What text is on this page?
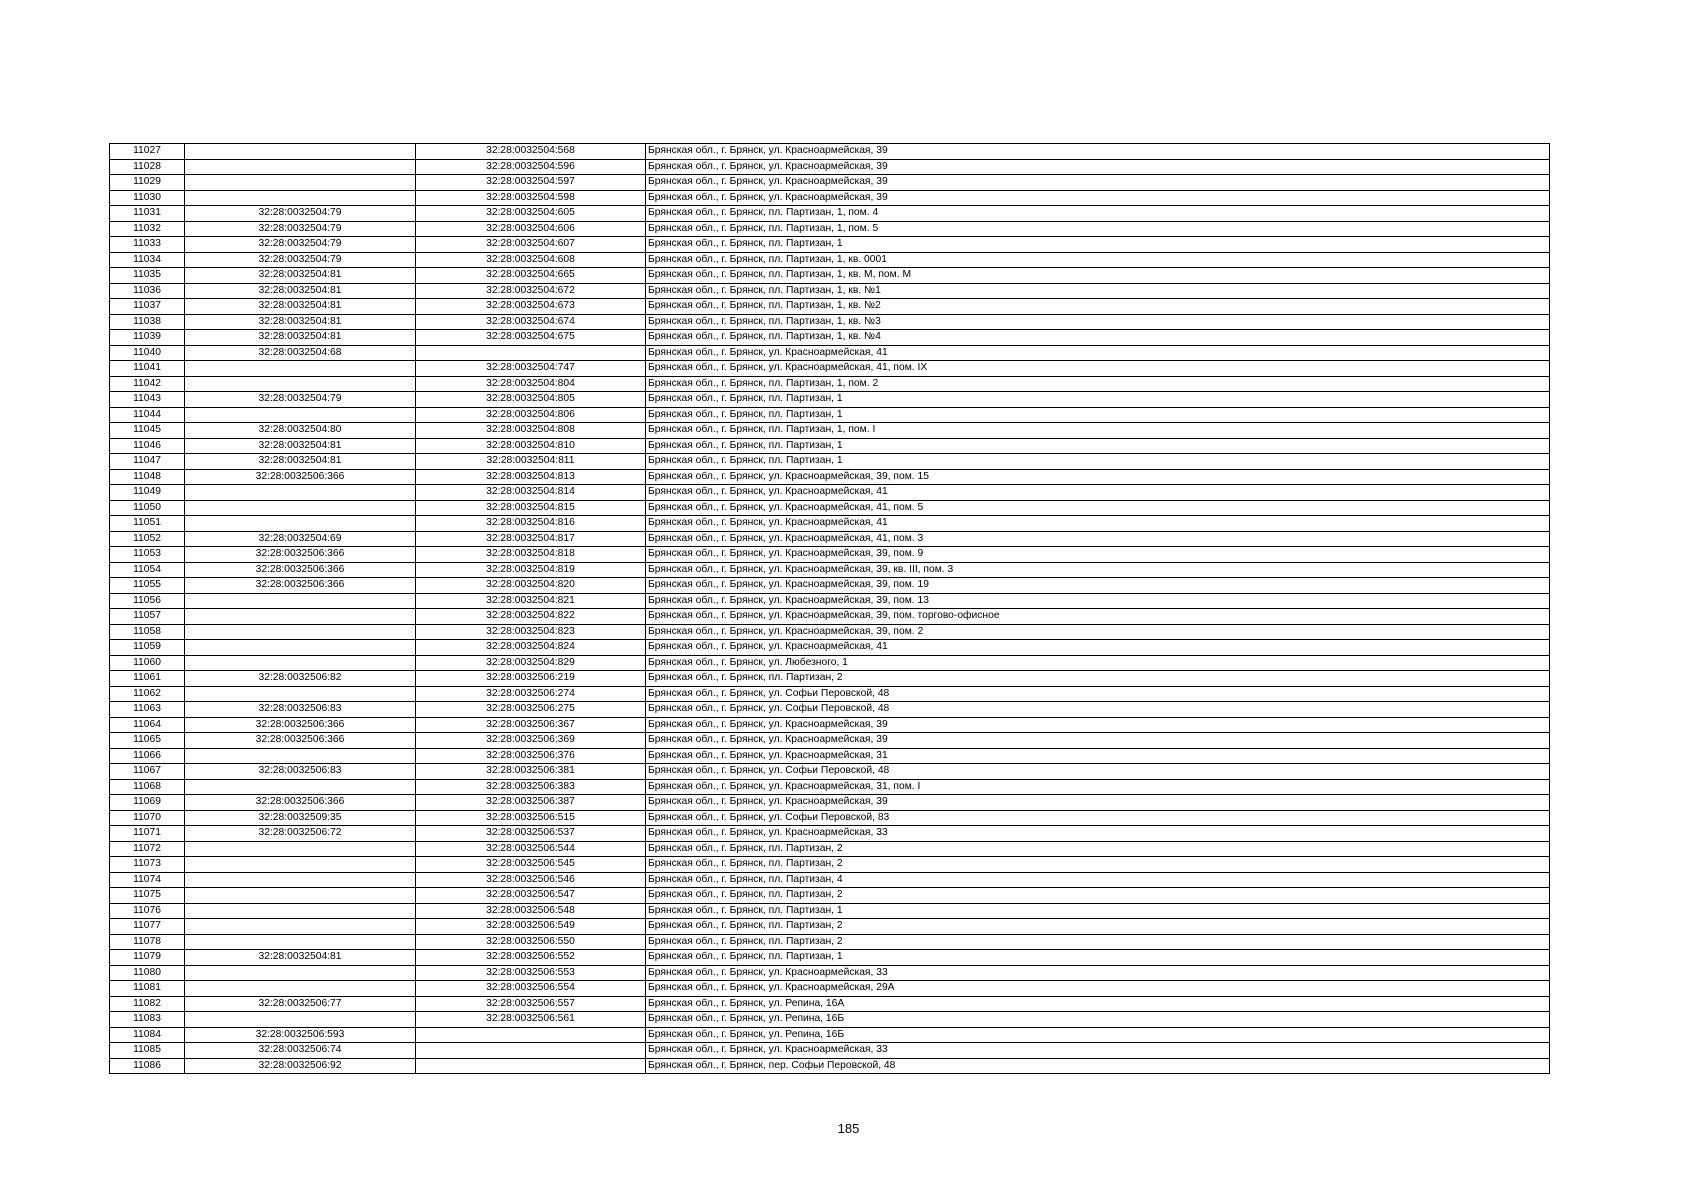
11027		32:28:0032504:568	Брянская обл., г. Брянск, ул. Красноармейская, 39
11028		32:28:0032504:596	Брянская обл., г. Брянск, ул. Красноармейская, 39
11029		32:28:0032504:597	Брянская обл., г. Брянск, ул. Красноармейская, 39
11030		32:28:0032504:598	Брянская обл., г. Брянск, ул. Красноармейская, 39
11031	32:28:0032504:79	32:28:0032504:605	Брянская обл., г. Брянск, пл. Партизан, 1, пом. 4
11032	32:28:0032504:79	32:28:0032504:606	Брянская обл., г. Брянск, пл. Партизан, 1, пом. 5
11033	32:28:0032504:79	32:28:0032504:607	Брянская обл., г. Брянск, пл. Партизан, 1
11034	32:28:0032504:79	32:28:0032504:608	Брянская обл., г. Брянск, пл. Партизан, 1, кв. 0001
11035	32:28:0032504:81	32:28:0032504:665	Брянская обл., г. Брянск, пл. Партизан, 1, кв. М, пом. М
11036	32:28:0032504:81	32:28:0032504:672	Брянская обл., г. Брянск, пл. Партизан, 1, кв. №1
11037	32:28:0032504:81	32:28:0032504:673	Брянская обл., г. Брянск, пл. Партизан, 1, кв. №2
11038	32:28:0032504:81	32:28:0032504:674	Брянская обл., г. Брянск, пл. Партизан, 1, кв. №3
11039	32:28:0032504:81	32:28:0032504:675	Брянская обл., г. Брянск, пл. Партизан, 1, кв. №4
11040	32:28:0032504:68		Брянская обл., г. Брянск, ул. Красноармейская, 41
11041		32:28:0032504:747	Брянская обл., г. Брянск, ул. Красноармейская, 41, пом. IX
11042		32:28:0032504:804	Брянская обл., г. Брянск, пл. Партизан, 1, пом. 2
11043	32:28:0032504:79	32:28:0032504:805	Брянская обл., г. Брянск, пл. Партизан, 1
11044		32:28:0032504:806	Брянская обл., г. Брянск, пл. Партизан, 1
11045	32:28:0032504:80	32:28:0032504:808	Брянская обл., г. Брянск, пл. Партизан, 1, пом. I
11046	32:28:0032504:81	32:28:0032504:810	Брянская обл., г. Брянск, пл. Партизан, 1
11047	32:28:0032504:81	32:28:0032504:811	Брянская обл., г. Брянск, пл. Партизан, 1
11048	32:28:0032506:366	32:28:0032504:813	Брянская обл., г. Брянск, ул. Красноармейская, 39, пом. 15
11049		32:28:0032504:814	Брянская обл., г. Брянск, ул. Красноармейская, 41
11050		32:28:0032504:815	Брянская обл., г. Брянск, ул. Красноармейская, 41, пом. 5
11051		32:28:0032504:816	Брянская обл., г. Брянск, ул. Красноармейская, 41
11052	32:28:0032504:69	32:28:0032504:817	Брянская обл., г. Брянск, ул. Красноармейская, 41, пом. 3
11053	32:28:0032506:366	32:28:0032504:818	Брянская обл., г. Брянск, ул. Красноармейская, 39, пом. 9
11054	32:28:0032506:366	32:28:0032504:819	Брянская обл., г. Брянск, ул. Красноармейская, 39, кв. III, пом. 3
11055	32:28:0032506:366	32:28:0032504:820	Брянская обл., г. Брянск, ул. Красноармейская, 39, пом. 19
11056		32:28:0032504:821	Брянская обл., г. Брянск, ул. Красноармейская, 39, пом. 13
11057		32:28:0032504:822	Брянская обл., г. Брянск, ул. Красноармейская, 39, пом. торгово-офисное
11058		32:28:0032504:823	Брянская обл., г. Брянск, ул. Красноармейская, 39, пом. 2
11059		32:28:0032504:824	Брянская обл., г. Брянск, ул. Красноармейская, 41
11060		32:28:0032504:829	Брянская обл., г. Брянск, ул. Любезного, 1
11061	32:28:0032506:82	32:28:0032506:219	Брянская обл., г. Брянск, пл. Партизан, 2
11062		32:28:0032506:274	Брянская обл., г. Брянск, ул. Софьи Перовской, 48
11063	32:28:0032506:83	32:28:0032506:275	Брянская обл., г. Брянск, ул. Софьи Перовской, 48
11064	32:28:0032506:366	32:28:0032506:367	Брянская обл., г. Брянск, ул. Красноармейская, 39
11065	32:28:0032506:366	32:28:0032506:369	Брянская обл., г. Брянск, ул. Красноармейская, 39
11066		32:28:0032506:376	Брянская обл., г. Брянск, ул. Красноармейская, 31
11067	32:28:0032506:83	32:28:0032506:381	Брянская обл., г. Брянск, ул. Софьи Перовской, 48
11068		32:28:0032506:383	Брянская обл., г. Брянск, ул. Красноармейская, 31, пом. I
11069	32:28:0032506:366	32:28:0032506:387	Брянская обл., г. Брянск, ул. Красноармейская, 39
11070	32:28:0032509:35	32:28:0032506:515	Брянская обл., г. Брянск, ул. Софьи Перовской, 83
11071	32:28:0032506:72	32:28:0032506:537	Брянская обл., г. Брянск, ул. Красноармейская, 33
11072		32:28:0032506:544	Брянская обл., г. Брянск, пл. Партизан, 2
11073		32:28:0032506:545	Брянская обл., г. Брянск, пл. Партизан, 2
11074		32:28:0032506:546	Брянская обл., г. Брянск, пл. Партизан, 4
11075		32:28:0032506:547	Брянская обл., г. Брянск, пл. Партизан, 2
11076		32:28:0032506:548	Брянская обл., г. Брянск, пл. Партизан, 1
11077		32:28:0032506:549	Брянская обл., г. Брянск, пл. Партизан, 2
11078		32:28:0032506:550	Брянская обл., г. Брянск, пл. Партизан, 2
11079	32:28:0032504:81	32:28:0032506:552	Брянская обл., г. Брянск, пл. Партизан, 1
11080		32:28:0032506:553	Брянская обл., г. Брянск, ул. Красноармейская, 33
11081		32:28:0032506:554	Брянская обл., г. Брянск, ул. Красноармейская, 29А
11082	32:28:0032506:77	32:28:0032506:557	Брянская обл., г. Брянск, ул. Репина, 16А
11083		32:28:0032506:561	Брянская обл., г. Брянск, ул. Репина, 16Б
11084	32:28:0032506:593		Брянская обл., г. Брянск, ул. Репина, 16Б
11085	32:28:0032506:74		Брянская обл., г. Брянск, ул. Красноармейская, 33
11086	32:28:0032506:92		Брянская обл., г. Брянск, пер. Софьи Перовской, 48
185
